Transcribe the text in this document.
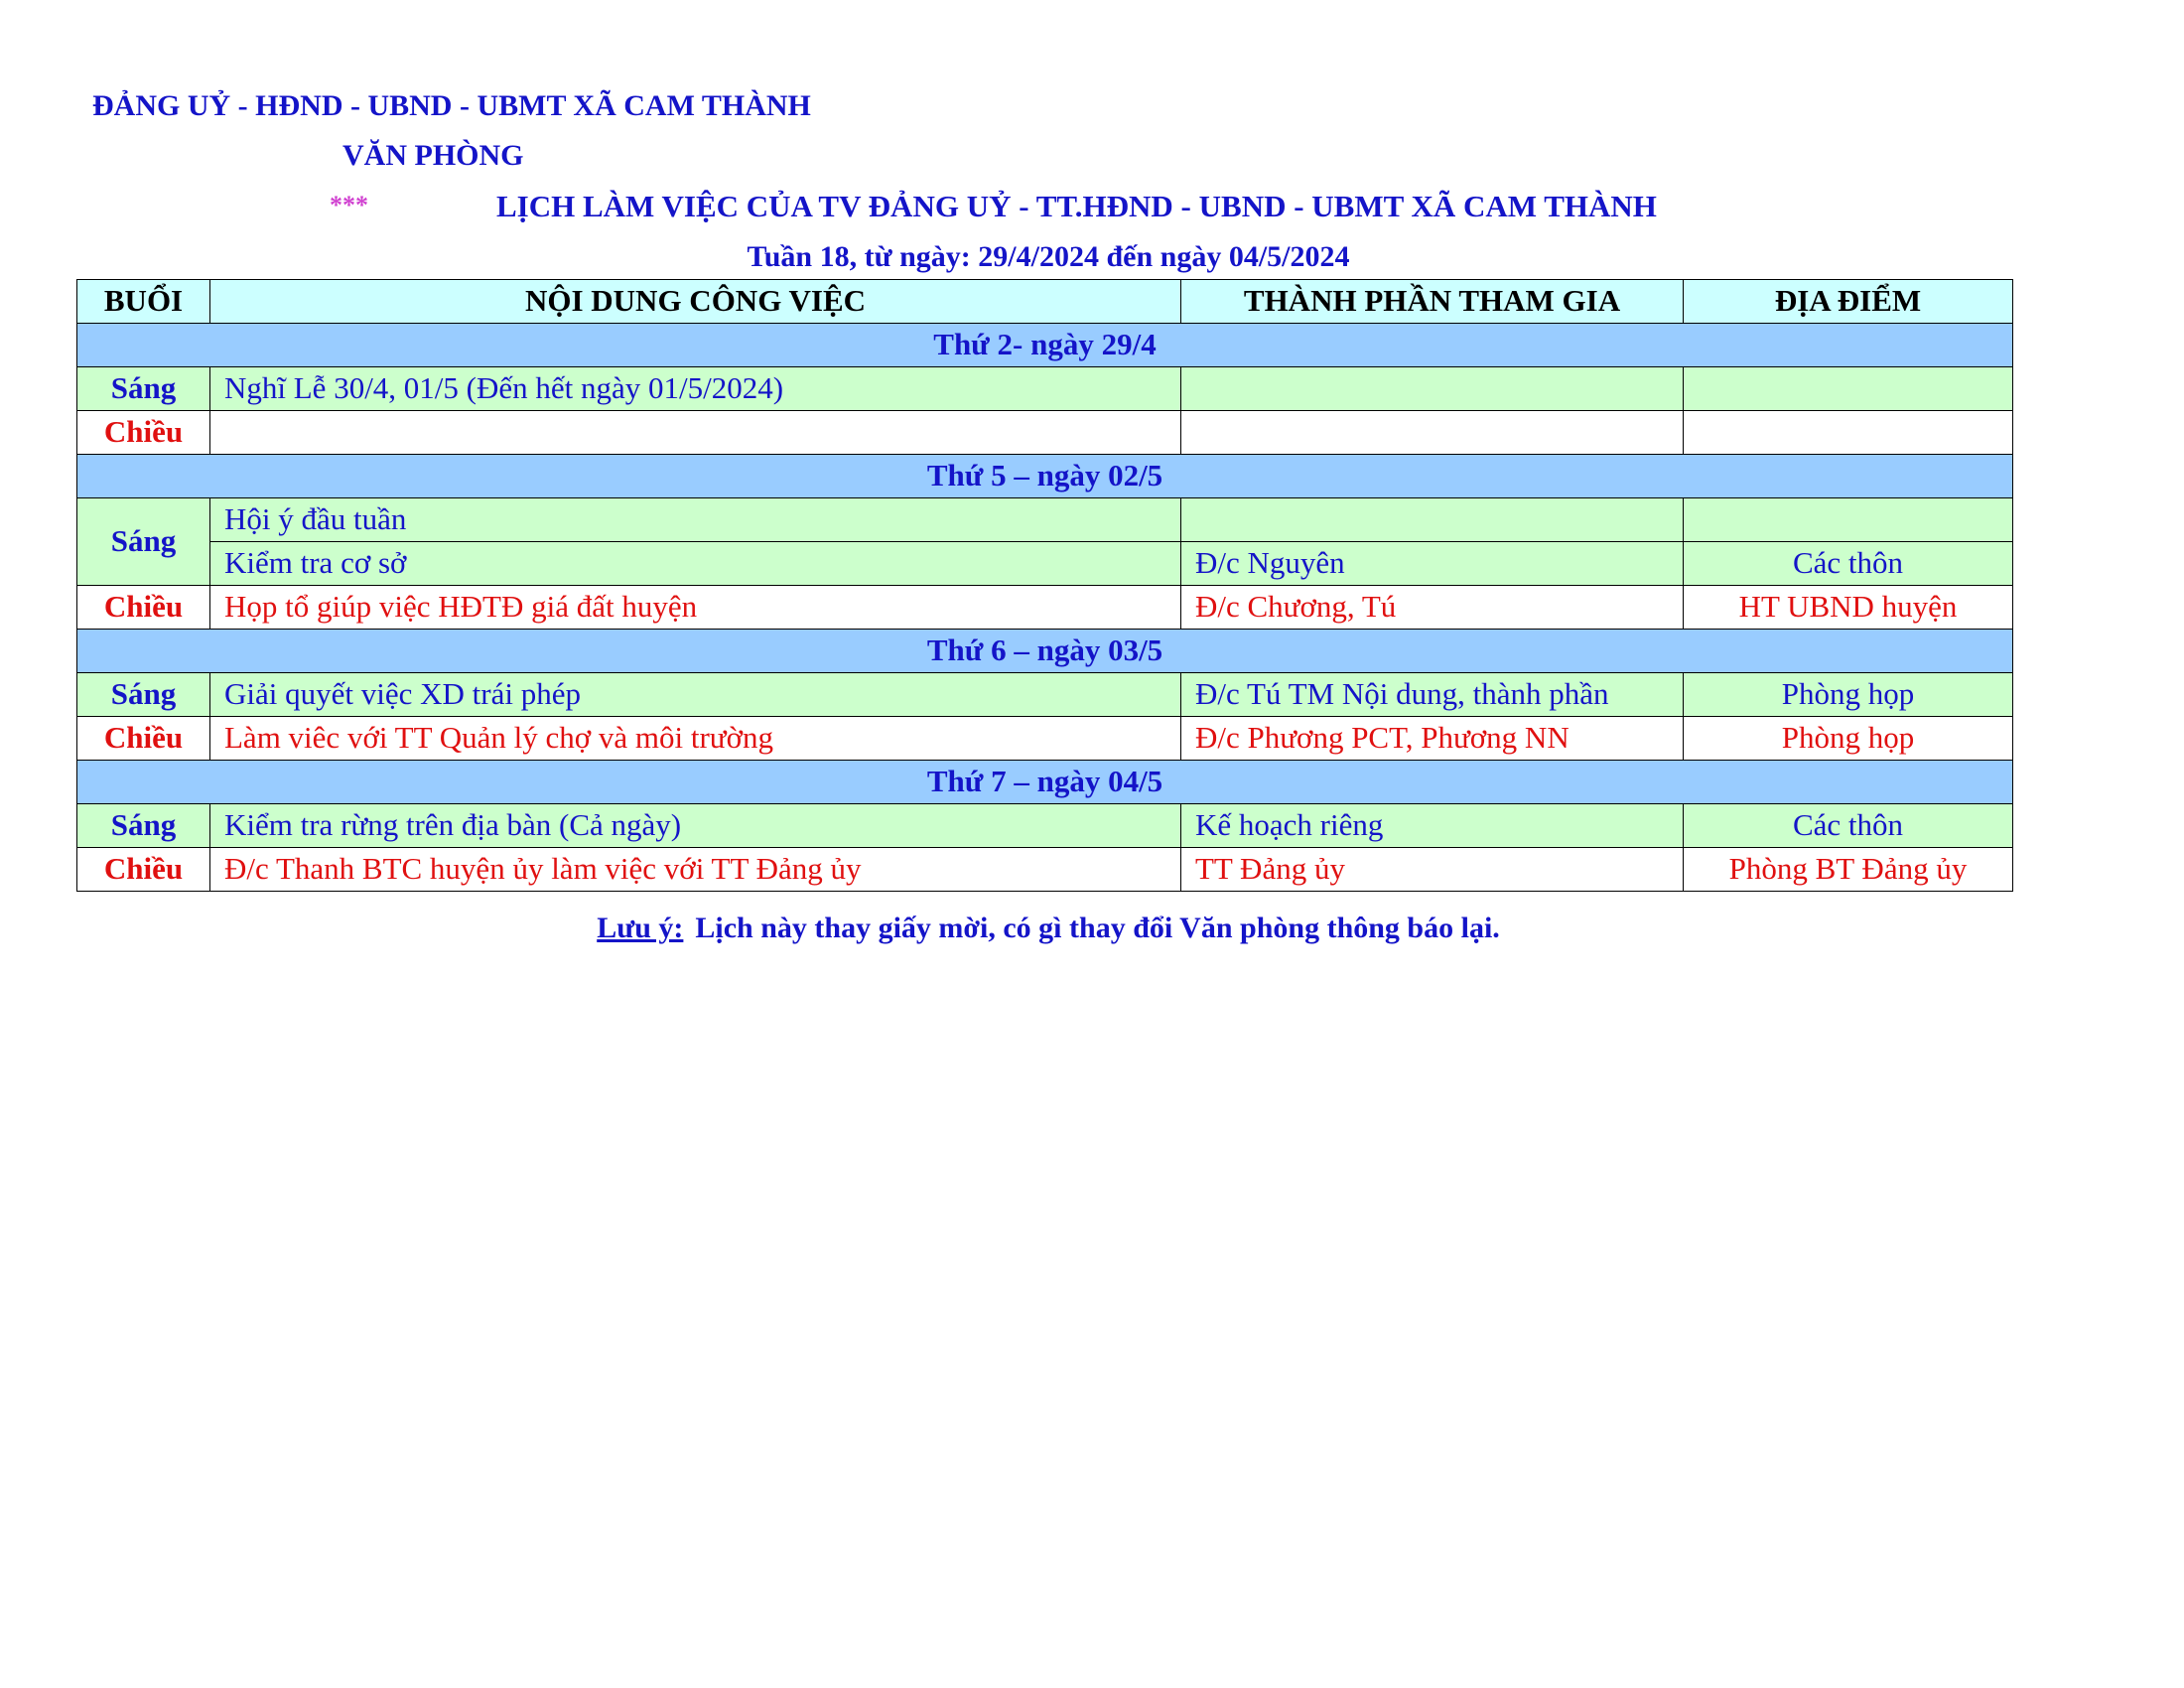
ĐẢNG UỶ - HĐND - UBND - UBMT XÃ CAM THÀNH
VĂN PHÒNG
***	LỊCH LÀM VIỆC CỦA TV ĐẢNG UỶ - TT.HĐND - UBND - UBMT XÃ CAM THÀNH
Tuần 18, từ ngày: 29/4/2024 đến ngày 04/5/2024
BUỔI	NỘI DUNG CÔNG VIỆC	THÀNH PHẦN THAM GIA	ĐỊA ĐIỂM
Thứ 2- ngày 29/4			
Sáng	Nghĩ Lễ 30/4, 01/5 (Đến hết ngày 01/5/2024)		
Chiều			
Thứ 5 – ngày 02/5			
Sáng	Hội ý đầu tuần		
	Kiểm tra cơ sở	Đ/c Nguyên	Các thôn
Chiều	Họp tổ giúp việc HĐTĐ giá đất huyện	Đ/c Chương, Tú	HT UBND huyện
Thứ 6 – ngày 03/5			
Sáng	Giải quyết việc XD trái phép	Đ/c Tú TM Nội dung, thành phần	Phòng họp
Chiều	Làm viêc với TT Quản lý chợ và môi trường	Đ/c Phương PCT, Phương NN	Phòng họp
Thứ 7 – ngày 04/5			
Sáng	Kiểm tra rừng trên địa bàn (Cả ngày)	Kế hoạch riêng	Các thôn
Chiều	Đ/c Thanh BTC huyện ủy làm việc với TT Đảng ủy	TT Đảng ủy	Phòng BT Đảng ủy
Lưu ý: Lịch này thay giấy mời, có gì thay đổi Văn phòng thông báo lại.
